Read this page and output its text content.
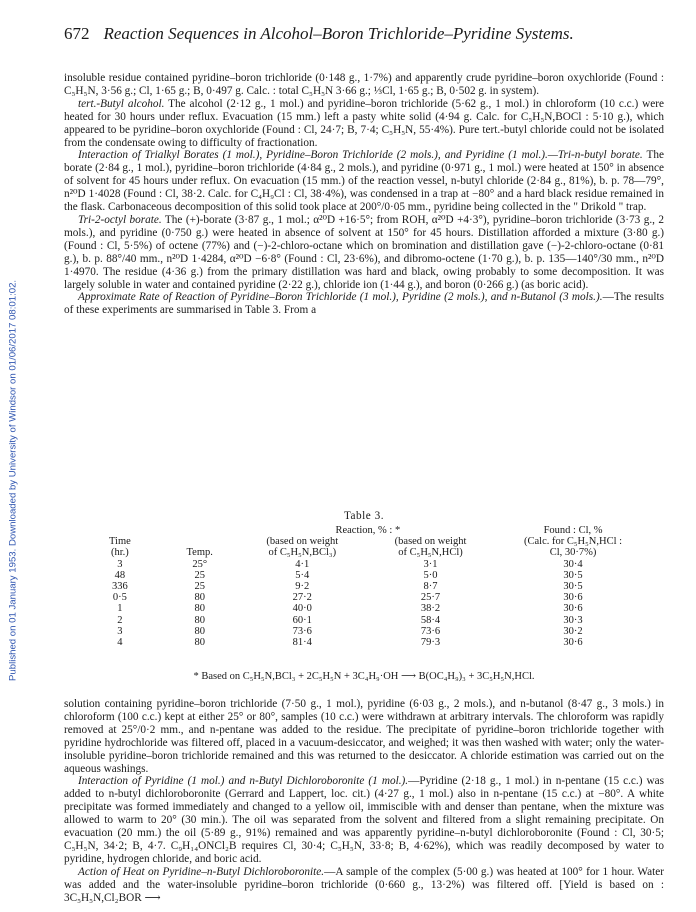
Published on 01 January 1953. Downloaded by University of Windsor on 01/06/2017 08:01:02.
672 Reaction Sequences in Alcohol–Boron Trichloride–Pyridine Systems.

insoluble residue contained pyridine–boron trichloride (0·148 g., 1·7%) and apparently crude pyridine–boron oxychloride (Found : C₅H₅N, 3·56 g.; Cl, 1·65 g.; B, 0·497 g. Calc. : total C₅H₅N 3·66 g.; ⅓Cl, 1·65 g.; B, 0·502 g. in system).

tert.-Butyl alcohol. The alcohol (2·12 g., 1 mol.) and pyridine–boron trichloride (5·62 g., 1 mol.) in chloroform (10 c.c.) were heated for 30 hours under reflux. Evacuation (15 mm.) left a pasty white solid (4·94 g. Calc. for C₅H₅N,BOCl : 5·10 g.), which appeared to be pyridine–boron oxychloride (Found : Cl, 24·7; B, 7·4; C₅H₅N, 55·4%). Pure tert.-butyl chloride could not be isolated from the condensate owing to difficulty of fractionation.

Interaction of Trialkyl Borates (1 mol.), Pyridine–Boron Trichloride (2 mols.), and Pyridine (1 mol.).—Tri-n-butyl borate. The borate (2·84 g., 1 mol.), pyridine–boron trichloride (4·84 g., 2 mols.), and pyridine (0·971 g., 1 mol.) were heated at 150° in absence of solvent for 45 hours under reflux. On evacuation (15 mm.) of the reaction vessel, n-butyl chloride (2·84 g., 81%), b. p. 78—79°, n²⁰D 1·4028 (Found : Cl, 38·2. Calc. for C₄H₉Cl : Cl, 38·4%), was condensed in a trap at −80° and a hard black residue remained in the flask. Carbonaceous decomposition of this solid took place at 200°/0·05 mm., pyridine being collected in the " Drikold " trap.

Tri-2-octyl borate. The (+)-borate (3·87 g., 1 mol.; α²⁰D +16·5°; from ROH, α²⁰D +4·3°), pyridine–boron trichloride (3·73 g., 2 mols.), and pyridine (0·750 g.) were heated in absence of solvent at 150° for 45 hours. Distillation afforded a mixture (3·80 g.) (Found : Cl, 5·5%) of octene (77%) and (−)-2-chloro-octane which on bromination and distillation gave (−)-2-chloro-octane (0·81 g.), b. p. 88°/40 mm., n²⁰D 1·4284, α²⁰D −6·8° (Found : Cl, 23·6%), and dibromo-octene (1·70 g.), b. p. 135—140°/30 mm., n²⁰D 1·4970. The residue (4·36 g.) from the primary distillation was hard and black, owing probably to some decomposition. It was largely soluble in water and contained pyridine (2·22 g.), chloride ion (1·44 g.), and boron (0·266 g.) (as boric acid).

Approximate Rate of Reaction of Pyridine–Boron Trichloride (1 mol.), Pyridine (2 mols.), and n-Butanol (3 mols.).—The results of these experiments are summarised in Table 3. From a

Table 3.
		Reaction, % : *		Found : Cl, %
Time		(based on weight	(based on weight	(Calc. for C₅H₅N,HCl :
(hr.)	Temp.	of C₅H₅N,BCl₃)	of C₅H₅N,HCl)	Cl, 30·7%)
3	25°	4·1	3·1	30·4
48	25	5·4	5·0	30·5
336	25	9·2	8·7	30·5
0·5	80	27·2	25·7	30·6
1	80	40·0	38·2	30·6
2	80	60·1	58·4	30·3
3	80	73·6	73·6	30·2
4	80	81·4	79·3	30·6
* Based on C₅H₅N,BCl₃ + 2C₅H₅N + 3C₄H₉·OH ⟶ B(OC₄H₉)₃ + 3C₅H₅N,HCl.

solution containing pyridine–boron trichloride (7·50 g., 1 mol.), pyridine (6·03 g., 2 mols.), and n-butanol (8·47 g., 3 mols.) in chloroform (100 c.c.) kept at either 25° or 80°, samples (10 c.c.) were withdrawn at arbitrary intervals. The chloroform was rapidly removed at 25°/0·2 mm., and n-pentane was added to the residue. The precipitate of pyridine–boron trichloride together with pyridine hydrochloride was filtered off, placed in a vacuum-desiccator, and weighed; it was then washed with water; only the water-insoluble pyridine–boron trichloride remained and this was returned to the desiccator. A chloride estimation was carried out on the aqueous washings.

Interaction of Pyridine (1 mol.) and n-Butyl Dichloroboronite (1 mol.).—Pyridine (2·18 g., 1 mol.) in n-pentane (15 c.c.) was added to n-butyl dichloroboronite (Gerrard and Lappert, loc. cit.) (4·27 g., 1 mol.) also in n-pentane (15 c.c.) at −80°. A white precipitate was formed immediately and changed to a yellow oil, immiscible with and denser than pentane, when the mixture was allowed to warm to 20° (30 min.). The oil was separated from the solvent and filtered from a slight remaining precipitate. On evacuation (20 mm.) the oil (5·89 g., 91%) remained and was apparently pyridine–n-butyl dichloroboronite (Found : Cl, 30·5; C₅H₅N, 34·2; B, 4·7. C₉H₁₄ONCl₂B requires Cl, 30·4; C₅H₅N, 33·8; B, 4·62%), which was readily decomposed by water to pyridine, hydrogen chloride, and boric acid.

Action of Heat on Pyridine–n-Butyl Dichloroboronite.—A sample of the complex (5·00 g.) was heated at 100° for 1 hour. Water was added and the water-insoluble pyridine–boron trichloride (0·660 g., 13·2%) was filtered off. [Yield is based on : 3C₅H₅N,Cl₂BOR ⟶
